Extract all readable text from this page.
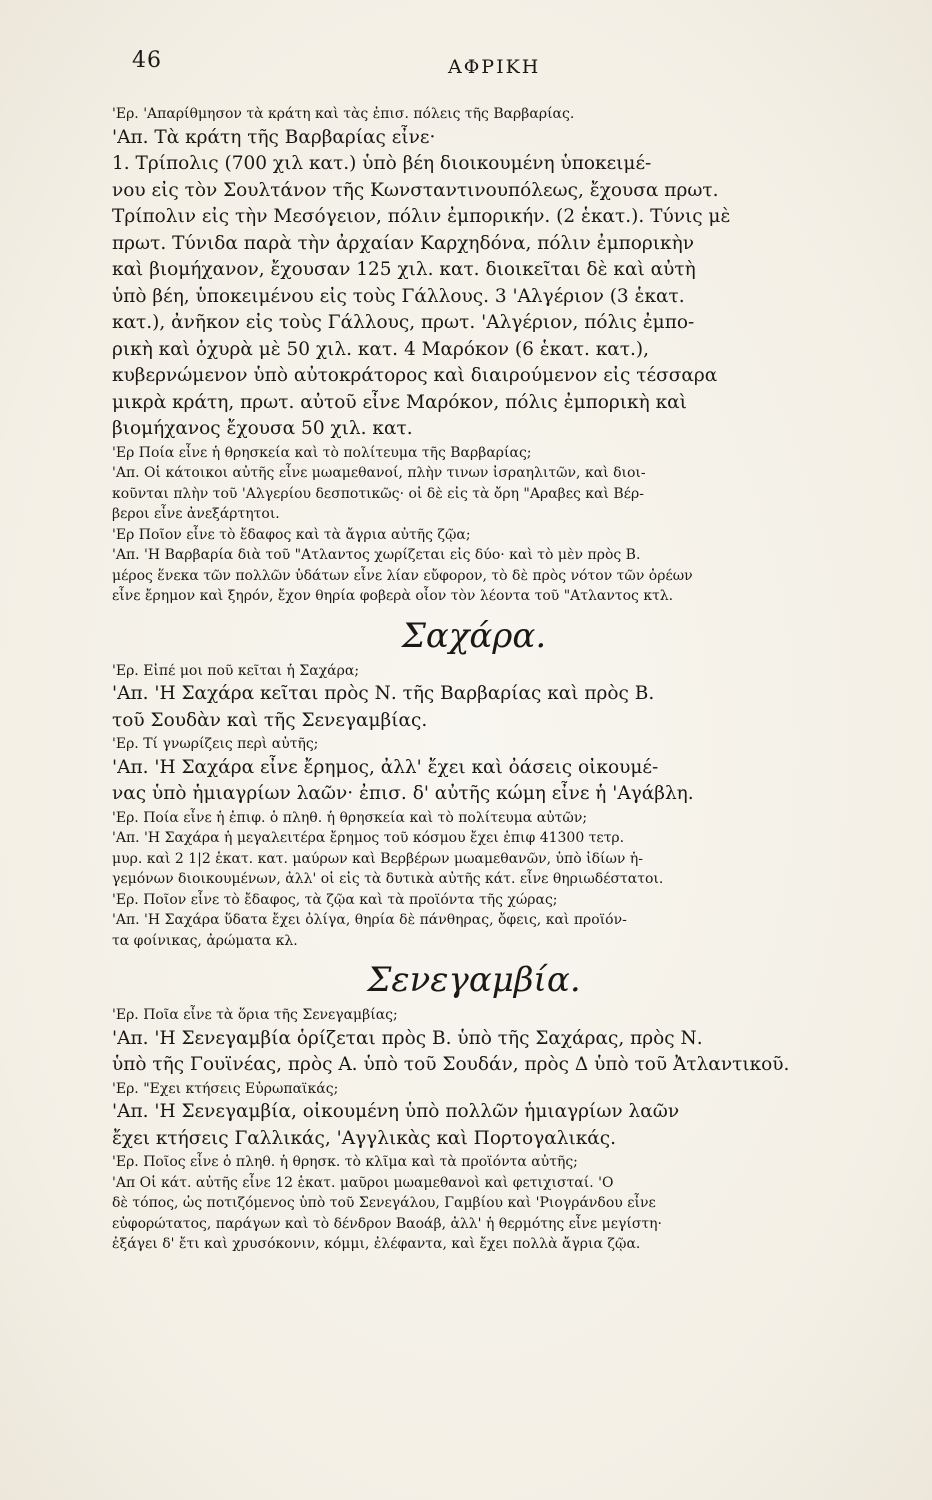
46	ΑΦΡΙΚΗ
'Ερ. 'Απαρίθμησον τὰ κράτη καὶ τὰς ἐπισ. πόλεις τῆς Βαρβαρίας.
'Απ. Τὰ κράτη τῆς Βαρβαρίας εἶνε·
1. Τρίπολις (700 χιλ κατ.) ὑπὸ βέη διοικουμένη ὑποκειμέ-
νου εἰς τὸν Σουλτάνον τῆς Κωνσταντινουπόλεως, ἔχουσα πρωτ.
Τρίπολιν εἰς τὴν Μεσόγειον, πόλιν ἐμπορικήν. (2 ἑκατ.). Τύνις μὲ
πρωτ. Τύνιδα παρὰ τὴν ἀρχαίαν Καρχηδόνα, πόλιν ἐμπορικὴν
καὶ βιομήχανον, ἔχουσαν 125 χιλ. κατ. διοικεῖται δὲ καὶ αὐτὴ
ὑπὸ βέη, ὑποκειμένου εἰς τοὺς Γάλλους. 3 'Αλγέριον (3 ἑκατ.
κατ.), ἀνῆκον εἰς τοὺς Γάλλους, πρωτ. 'Αλγέριον, πόλις ἐμπο-
ρικὴ καὶ ὀχυρὰ μὲ 50 χιλ. κατ. 4 Μαρόκον (6 ἑκατ. κατ.),
κυβερνώμενον ὑπὸ αὐτοκράτορος καὶ διαιρούμενον εἰς τέσσαρα
μικρὰ κράτη, πρωτ. αὐτοῦ εἶνε Μαρόκον, πόλις ἐμπορικὴ καὶ
βιομήχανος ἔχουσα 50 χιλ. κατ.
'Ερ Ποία εἶνε ἡ θρησκεία καὶ τὸ πολίτευμα τῆς Βαρβαρίας;
'Απ. Οἱ κάτοικοι αὐτῆς εἶνε μωαμεθανοί, πλὴν τινων ἰσραηλιτῶν, καὶ διοι-
κοῦνται πλὴν τοῦ 'Αλγερίου δεσποτικῶς· οἱ δὲ εἰς τὰ ὄρη "Αραβες καὶ Βέρ-
βεροι εἶνε ἀνεξάρτητοι.
'Ερ Ποῖον εἶνε τὸ ἔδαφος καὶ τὰ ἄγρια αὐτῆς ζῷα;
'Απ. 'Η Βαρβαρία διὰ τοῦ "Ατλαντος χωρίζεται εἰς δύο· καὶ τὸ μὲν πρὸς Β.
μέρος ἕνεκα τῶν πολλῶν ὑδάτων εἶνε λίαν εὔφορον, τὸ δὲ πρὸς νότον τῶν ὀρέων
εἶνε ἔρημον καὶ ξηρόν, ἔχον θηρία φοβερὰ οἷον τὸν λέοντα τοῦ "Ατλαντος κτλ.
Σαχάρα.
'Ερ. Εἰπέ μοι ποῦ κεῖται ἡ Σαχάρα;
'Απ. 'Η Σαχάρα κεῖται πρὸς Ν. τῆς Βαρβαρίας καὶ πρὸς Β.
τοῦ Σουδὰν καὶ τῆς Σενεγαμβίας.
'Ερ. Τί γνωρίζεις περὶ αὐτῆς;
'Απ. 'Η Σαχάρα εἶνε ἔρημος, ἀλλ' ἔχει καὶ ὀάσεις οἰκουμέ-
νας ὑπὸ ἡμιαγρίων λαῶν· ἐπισ. δ' αὐτῆς κώμη εἶνε ἡ 'Αγάβλη.
'Ερ. Ποία εἶνε ἡ ἐπιφ. ὁ πληθ. ἡ θρησκεία καὶ τὸ πολίτευμα αὐτῶν;
'Απ. 'Η Σαχάρα ἡ μεγαλειτέρα ἔρημος τοῦ κόσμου ἔχει ἐπιφ 41300 τετρ.
μυρ. καὶ 2 1|2 ἑκατ. κατ. μαύρων καὶ Βερβέρων μωαμεθανῶν, ὑπὸ ἰδίων ἡ-
γεμόνων διοικουμένων, ἀλλ' οἱ εἰς τὰ δυτικὰ αὐτῆς κάτ. εἶνε θηριωδέστατοι.
'Ερ. Ποῖον εἶνε τὸ ἔδαφος, τὰ ζῷα καὶ τὰ προϊόντα τῆς χώρας;
'Απ. 'Η Σαχάρα ὕδατα ἔχει ὀλίγα, θηρία δὲ πάνθηρας, ὄφεις, καὶ προϊόν-
τα φοίνικας, ἀρώματα κλ.
Σενεγαμβία.
'Ερ. Ποῖα εἶνε τὰ ὅρια τῆς Σενεγαμβίας;
'Απ. 'Η Σενεγαμβία ὁρίζεται πρὸς Β. ὑπὸ τῆς Σαχάρας, πρὸς Ν.
ὑπὸ τῆς Γουϊνέας, πρὸς Α. ὑπὸ τοῦ Σουδάν, πρὸς Δ ὑπὸ τοῦ Ἀτλαντικοῦ.
'Ερ. "Εχει κτήσεις Εὐρωπαϊκάς;
'Απ. 'Η Σενεγαμβία, οἰκουμένη ὑπὸ πολλῶν ἡμιαγρίων λαῶν
ἔχει κτήσεις Γαλλικάς, 'Αγγλικὰς καὶ Πορτογαλικάς.
'Ερ. Ποῖος εἶνε ὁ πληθ. ἡ θρησκ. τὸ κλῖμα καὶ τὰ προϊόντα αὐτῆς;
'Απ Οἱ κάτ. αὐτῆς εἶνε 12 ἑκατ. μαῦροι μωαμεθανοὶ καὶ φετιχισταί. 'Ο
δὲ τόπος, ὡς ποτιζόμενος ὑπὸ τοῦ Σενεγάλου, Γαμβίου καὶ 'Ριογράνδου εἶνε
εὐφορώτατος, παράγων καὶ τὸ δένδρον Βαοάβ, ἀλλ' ἡ θερμότης εἶνε μεγίστη·
ἐξάγει δ' ἔτι καὶ χρυσόκονιν, κόμμι, ἐλέφαντα, καὶ ἔχει πολλὰ ἄγρια ζῷα.
